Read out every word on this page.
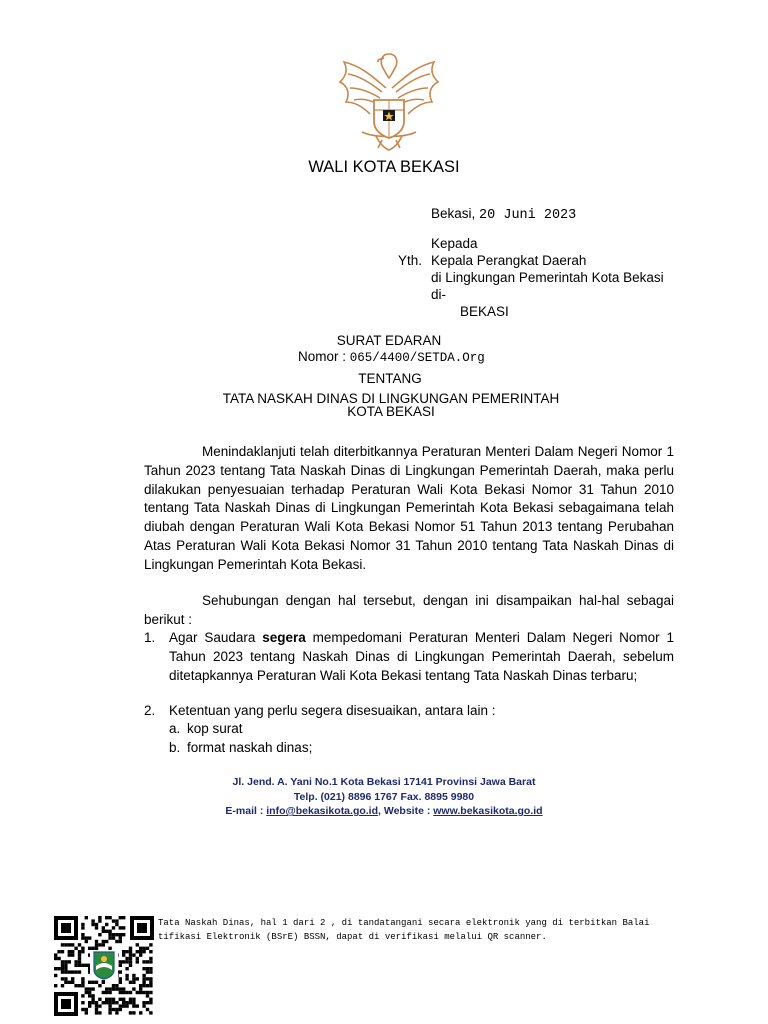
WALI KOTA BEKASI
Bekasi, 20 Juni 2023
Kepada
Yth. Kepala Perangkat Daerah
di Lingkungan Pemerintah Kota Bekasi
di-
BEKASI
SURAT EDARAN
Nomor : 065/4400/SETDA.Org
TENTANG
TATA NASKAH DINAS DI LINGKUNGAN PEMERINTAH
KOTA BEKASI
Menindaklanjuti telah diterbitkannya Peraturan Menteri Dalam Negeri Nomor 1 Tahun 2023 tentang Tata Naskah Dinas di Lingkungan Pemerintah Daerah, maka perlu dilakukan penyesuaian terhadap Peraturan Wali Kota Bekasi Nomor 31 Tahun 2010 tentang Tata Naskah Dinas di Lingkungan Pemerintah Kota Bekasi sebagaimana telah diubah dengan Peraturan Wali Kota Bekasi Nomor 51 Tahun 2013 tentang Perubahan Atas Peraturan Wali Kota Bekasi Nomor 31 Tahun 2010 tentang Tata Naskah Dinas di Lingkungan Pemerintah Kota Bekasi.
Sehubungan dengan hal tersebut, dengan ini disampaikan hal-hal sebagai berikut :
1. Agar Saudara segera mempedomani Peraturan Menteri Dalam Negeri Nomor 1 Tahun 2023 tentang Naskah Dinas di Lingkungan Pemerintah Daerah, sebelum ditetapkannya Peraturan Wali Kota Bekasi tentang Tata Naskah Dinas terbaru;
2. Ketentuan yang perlu segera disesuaikan, antara lain :
a. kop surat
b. format naskah dinas;
Jl. Jend. A. Yani No.1 Kota Bekasi 17141 Provinsi Jawa Barat
Telp. (021) 8896 1767 Fax. 8895 9980
E-mail : info@bekasikota.go.id, Website : www.bekasikota.go.id
Tata Naskah Dinas, hal 1 dari 2 , di tandatangani secara elektronik yang di terbitkan Balai
tifikasi Elektronik (BSrE) BSSN, dapat di verifikasi melalui QR scanner.
